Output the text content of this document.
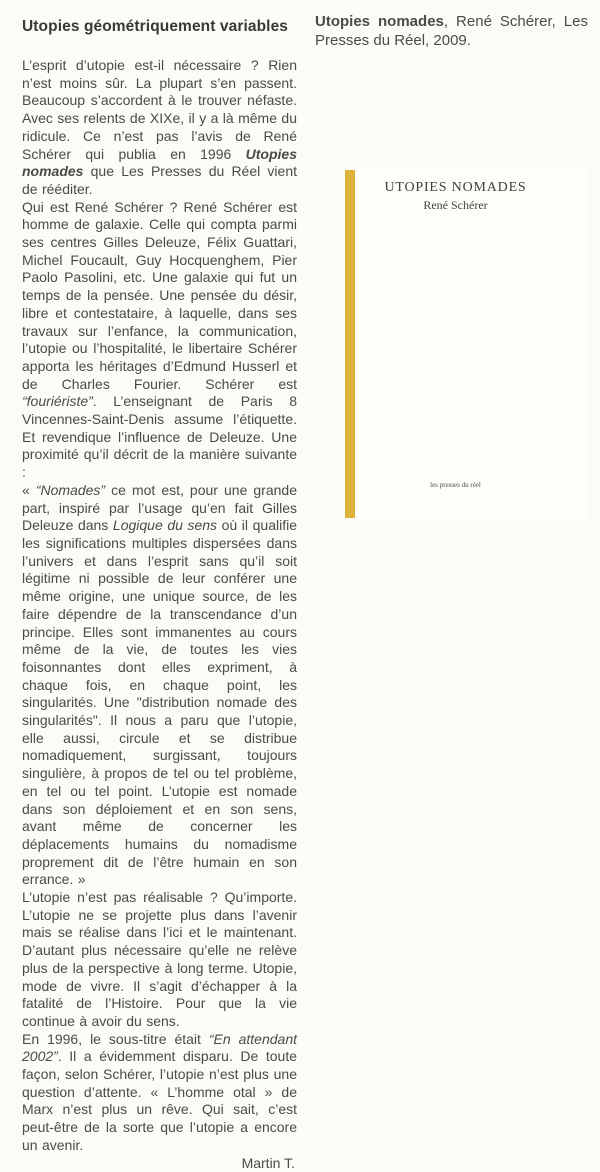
Utopies géométriquement variables

L’esprit d’utopie est-il nécessaire ? Rien n’est moins sûr. La plupart s’en passent. Beaucoup s’accordent à le trouver néfaste. Avec ses relents de XIXe, il y a là même du ridicule. Ce n’est pas l’avis de René Schérer qui publia en 1996 Utopies nomades que Les Presses du Réel vient de rééditer.

Qui est René Schérer ? René Schérer est homme de galaxie. Celle qui compta parmi ses centres Gilles Deleuze, Félix Guattari, Michel Foucault, Guy Hocquenghem, Pier Paolo Pasolini, etc. Une galaxie qui fut un temps de la pensée. Une pensée du désir, libre et contestataire, à laquelle, dans ses travaux sur l’enfance, la communication, l’utopie ou l’hospitalité, le libertaire Schérer apporta les héritages d’Edmund Husserl et de Charles Fourier. Schérer est “fouriériste”. L’enseignant de Paris 8 Vincennes-Saint-Denis assume l’étiquette. Et revendique l’influence de Deleuze. Une proximité qu’il décrit de la manière suivante :

« “Nomades” ce mot est, pour une grande part, inspiré par l’usage qu’en fait Gilles Deleuze dans Logique du sens où il qualifie les significations multiples dispersées dans l’univers et dans l’esprit sans qu’il soit légitime ni possible de leur conférer une même origine, une unique source, de les faire dépendre de la transcendance d’un principe. Elles sont immanentes au cours même de la vie, de toutes les vies foisonnantes dont elles expriment, à chaque fois, en chaque point, les singularités. Une "distribution nomade des singularités". Il nous a paru que l’utopie, elle aussi, circule et se distribue nomadiquement, surgissant, toujours singulière, à propos de tel ou tel problème, en tel ou tel point. L’utopie est nomade dans son déploiement et en son sens, avant même de concerner les déplacements humains du nomadisme proprement dit de l’être humain en son errance. »

L’utopie n’est pas réalisable ? Qu’importe. L’utopie ne se projette plus dans l’avenir mais se réalise dans l’ici et le maintenant. D’autant plus nécessaire qu’elle ne relève plus de la perspective à long terme. Utopie, mode de vivre. Il s’agit d’échapper à la fatalité de l’Histoire. Pour que la vie continue à avoir du sens.

En 1996, le sous-titre était “En attendant 2002”. Il a évidemment disparu. De toute façon, selon Schérer, l’utopie n’est plus une question d’attente. « L’homme otal » de Marx n’est plus un rêve. Qui sait, c’est peut-être de la sorte que l’utopie a encore un avenir.

Martin T.

Utopies nomades, René Schérer, Les Presses du Réel, 2009.

UTOPIES NOMADES
René Schérer
les presses du réel
